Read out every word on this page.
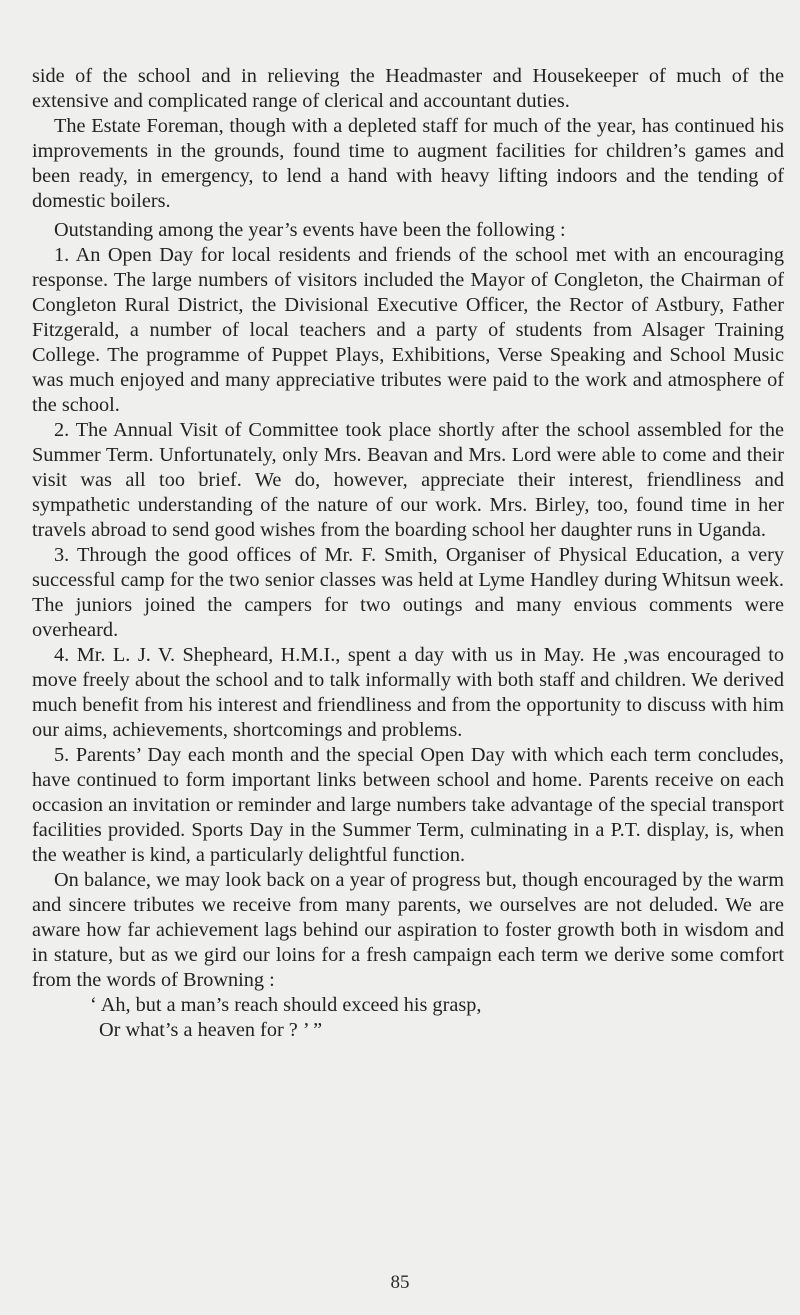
side of the school and in relieving the Headmaster and Housekeeper of much of the extensive and complicated range of clerical and accountant duties.

The Estate Foreman, though with a depleted staff for much of the year, has continued his improvements in the grounds, found time to augment facilities for children’s games and been ready, in emergency, to lend a hand with heavy lifting indoors and the tending of domestic boilers.

Outstanding among the year’s events have been the following :

1. An Open Day for local residents and friends of the school met with an encouraging response. The large numbers of visitors included the Mayor of Congleton, the Chairman of Congleton Rural District, the Divisional Executive Officer, the Rector of Astbury, Father Fitzgerald, a number of local teachers and a party of students from Alsager Training College. The programme of Puppet Plays, Exhibitions, Verse Speaking and School Music was much enjoyed and many appreciative tributes were paid to the work and atmosphere of the school.

2. The Annual Visit of Committee took place shortly after the school assembled for the Summer Term. Unfortunately, only Mrs. Beavan and Mrs. Lord were able to come and their visit was all too brief. We do, however, appreciate their interest, friendliness and sympathetic understanding of the nature of our work. Mrs. Birley, too, found time in her travels abroad to send good wishes from the boarding school her daughter runs in Uganda.

3. Through the good offices of Mr. F. Smith, Organiser of Physical Education, a very successful camp for the two senior classes was held at Lyme Handley during Whitsun week. The juniors joined the campers for two outings and many envious comments were overheard.

4. Mr. L. J. V. Shepheard, H.M.I., spent a day with us in May. He ,was encouraged to move freely about the school and to talk informally with both staff and children. We derived much benefit from his interest and friendliness and from the opportunity to discuss with him our aims, achievements, shortcomings and problems.

5. Parents’ Day each month and the special Open Day with which each term concludes, have continued to form important links between school and home. Parents receive on each occasion an invitation or reminder and large numbers take advantage of the special transport facilities provided. Sports Day in the Summer Term, culminating in a P.T. display, is, when the weather is kind, a particularly delightful function.

On balance, we may look back on a year of progress but, though encouraged by the warm and sincere tributes we receive from many parents, we ourselves are not deluded. We are aware how far achievement lags behind our aspiration to foster growth both in wisdom and in stature, but as we gird our loins for a fresh campaign each term we derive some comfort from the words of Browning :

‘ Ah, but a man’s reach should exceed his grasp,
Or what’s a heaven for ? ’ ”
85
